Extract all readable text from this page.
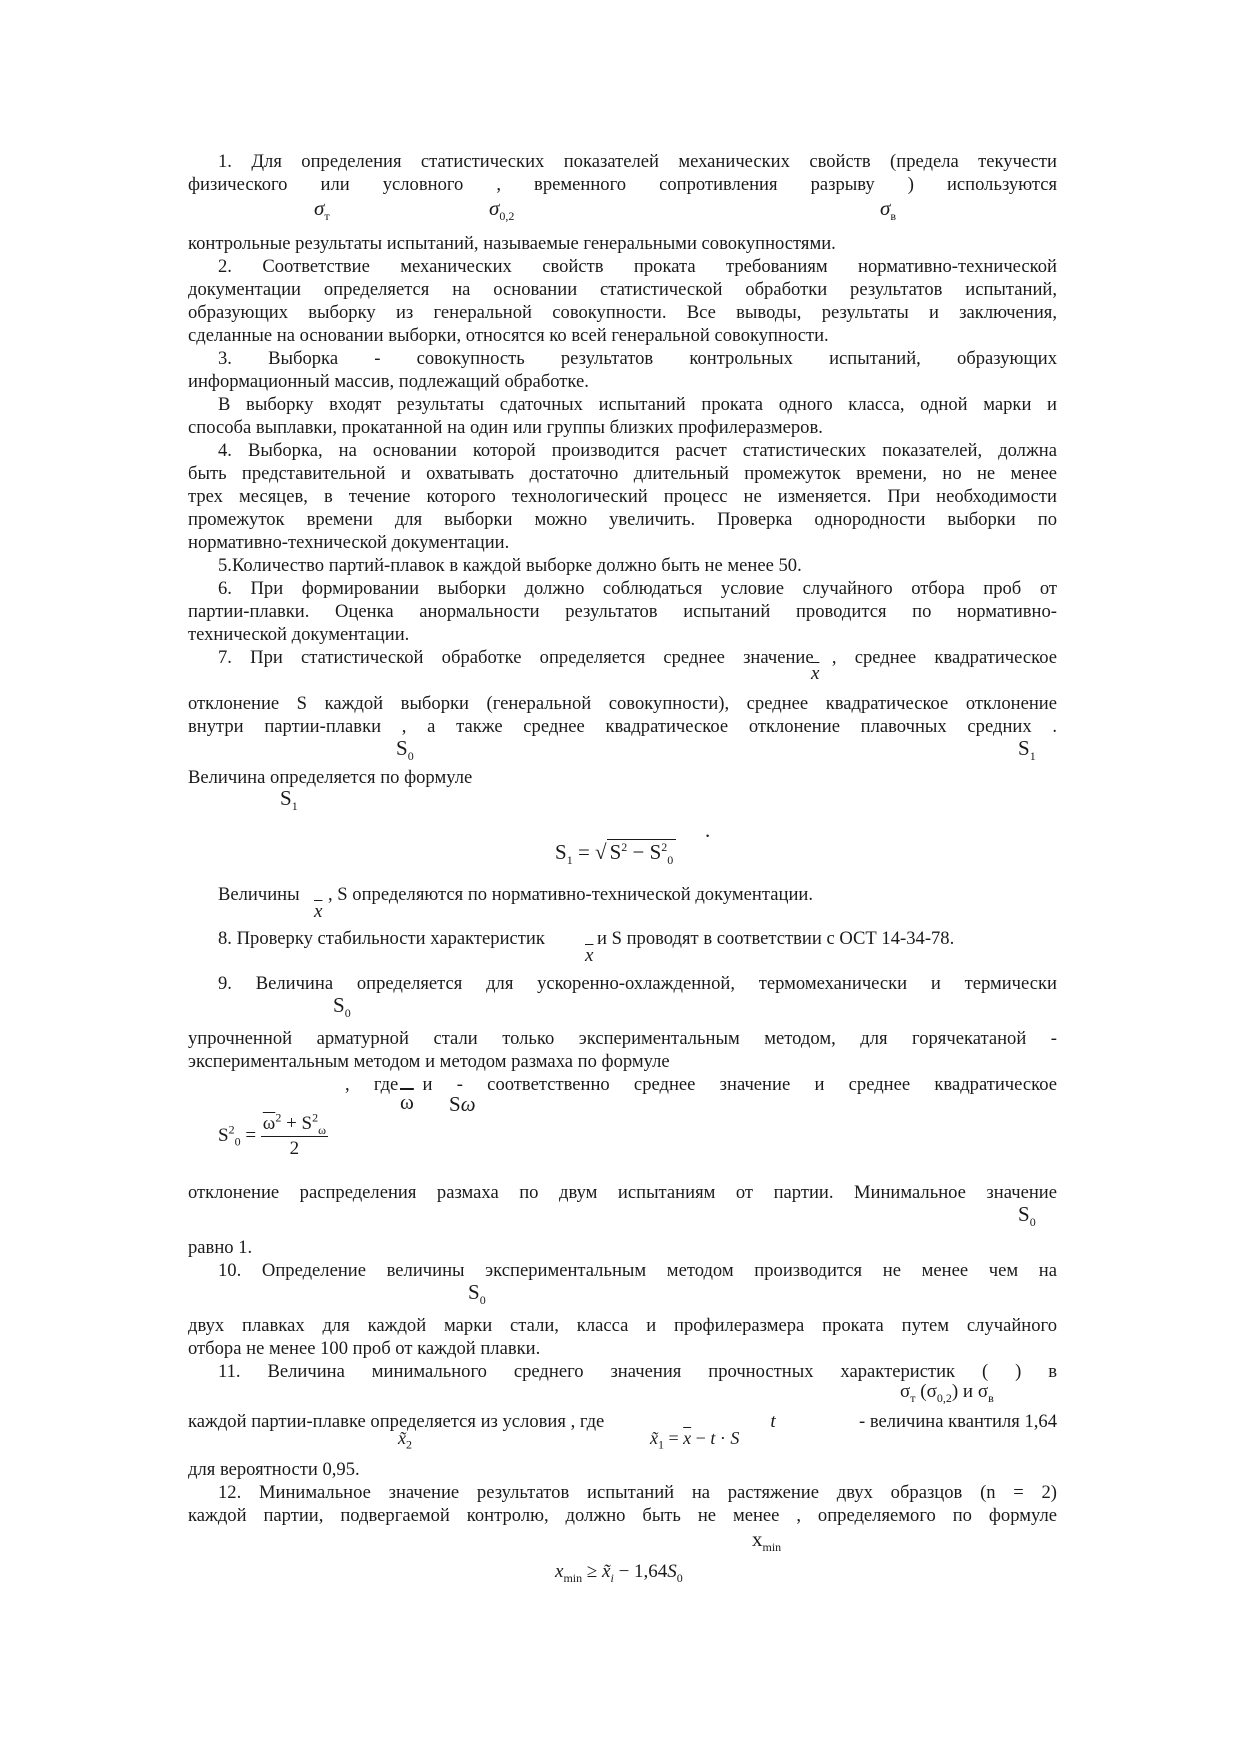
1. Для определения статистических показателей механических свойств (предела текучести
физического или условного , временного сопротивления разрыву ) используются
$\sigma_т$	$\sigma_{0,2}$	$\sigma_в$
контрольные результаты испытаний, называемые генеральными совокупностями.
2. Соответствие механических свойств проката требованиям нормативно-технической
документации определяется на основании статистической обработки результатов испытаний,
образующих выборку из генеральной совокупности. Все выводы, результаты и заключения,
сделанные на основании выборки, относятся ко всей генеральной совокупности.
3. Выборка - совокупность результатов контрольных испытаний, образующих
информационный массив, подлежащий обработке.
В выборку входят результаты сдаточных испытаний проката одного класса, одной марки и
способа выплавки, прокатанной на один или группы близких профилеразмеров.
4. Выборка, на основании которой производится расчет статистических показателей, должна
быть представительной и охватывать достаточно длительный промежуток времени, но не менее
трех месяцев, в течение которого технологический процесс не изменяется. При необходимости
промежуток времени для выборки можно увеличить. Проверка однородности выборки по
нормативно-технической документации.
5.Количество партий-плавок в каждой выборке должно быть не менее 50.
6. При формировании выборки должно соблюдаться условие случайного отбора проб от
партии-плавки. Оценка анормальности результатов испытаний проводится по нормативно-
технической документации.
7. При статистической обработке определяется среднее значение , среднее квадратическое
$\overline{x}$
отклонение S каждой выборки (генеральной совокупности), среднее квадратическое отклонение
внутри партии-плавки , а также среднее квадратическое отклонение плавочных средних .
$S_0$	$S_1$
Величина определяется по формуле
$S_1$
$S_1$ = √ $S^2 - S^2_0$
.
Величины
$\overline{x}$
, S определяются по нормативно-технической документации.
8. Проверку стабильности характеристик
$\overline{x}$
и S проводят в соответствии с ОСТ 14-34-78.
9. Величина определяется для ускоренно-охлажденной, термомеханически и термически
$S_0$
упрочненной арматурной стали только экспериментальным методом, для горячекатаной -
экспериментальным методом и методом размаха по формуле
, где и - соответственно среднее значение и среднее квадратическое
$\overline{\omega}$ Sω
$S^2_0 = \frac{\overline{\omega}^2 + S^2_\omega}{2}$
отклонение распределения размаха по двум испытаниям от партии. Минимальное значение
$S_0$
равно 1.
10. Определение величины экспериментальным методом производится не менее чем на
$S_0$
двух плавках для каждой марки стали, класса и профилеразмера проката путем случайного
отбора не менее 100 проб от каждой плавки.
11. Величина минимального среднего значения прочностных характеристик ( ) в
$\sigma_т$ $(\sigma_{0,2})$ и $\sigma_в$
каждой партии-плавке определяется из условия , где	t	- величина квантиля 1,64
$x̃_2$	$x̃_1 = \overline{x} - t \cdot S$
для вероятности 0,95.
12. Минимальное значение результатов испытаний на растяжение двух образцов (n = 2)
каждой партии, подвергаемой контролю, должно быть не менее , определяемого по формуле
$x_{min}$
$x_{min}$ ≥ $x̃_i - 1,64S_0$
